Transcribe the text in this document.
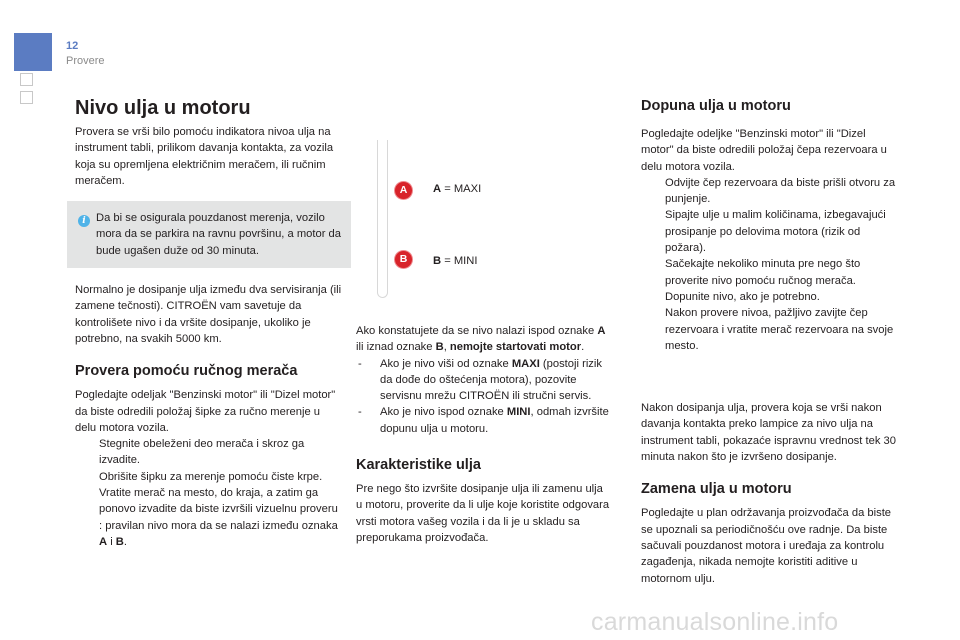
12
Provere
Nivo ulja u motoru

Provera se vrši bilo pomoću indikatora nivoa ulja na instrument tabli, prilikom davanja kontakta, za vozila koja su opremljena električnim meračem, ili ručnim meračem.

i Da bi se osigurala pouzdanost merenja, vozilo mora da se parkira na ravnu površinu, a motor da bude ugašen duže od 30 minuta.

Normalno je dosipanje ulja između dva servisiranja (ili zamene tečnosti). CITROËN vam savetuje da kontrolišete nivo i da vršite dosipanje, ukoliko je potrebno, na svakih 5000 km.

Provera pomoću ručnog merača

Pogledajte odeljak "Benzinski motor" ili "Dizel motor" da biste odredili položaj šipke za ručno merenje u delu motora vozila.

Stegnite obeleženi deo merača i skroz ga izvadite.
Obrišite šipku za merenje pomoću čiste krpe.
Vratite merač na mesto, do kraja, a zatim ga ponovo izvadite da biste izvršili vizuelnu proveru : pravilan nivo mora da se nalazi između oznaka A i B.
A
B
A = MAXI
B = MINI

Ako konstatujete da se nivo nalazi ispod oznake A ili iznad oznake B, nemojte startovati motor.

- Ako je nivo viši od oznake MAXI (postoji rizik da dođe do oštećenja motora), pozovite servisnu mrežu CITROËN ili stručni servis.
- Ako je nivo ispod oznake MINI, odmah izvršite dopunu ulja u motoru.
Karakteristike ulja

Pre nego što izvršite dosipanje ulja ili zamenu ulja u motoru, proverite da li ulje koje koristite odgovara vrsti motora vašeg vozila i da li je u skladu sa preporukama proizvođača.

Dopuna ulja u motoru

Pogledajte odeljke "Benzinski motor" ili "Dizel motor" da biste odredili položaj čepa rezervoara u delu motora vozila.

Odvijte čep rezervoara da biste prišli otvoru za punjenje.
Sipajte ulje u malim količinama, izbegavajući prosipanje po delovima motora (rizik od požara).
Sačekajte nekoliko minuta pre nego što proverite nivo pomoću ručnog merača.
Dopunite nivo, ako je potrebno.
Nakon provere nivoa, pažljivo zavijte čep rezervoara i vratite merač rezervoara na svoje mesto.

Nakon dosipanja ulja, provera koja se vrši nakon davanja kontakta preko lampice za nivo ulja na instrument tabli, pokazaće ispravnu vrednost tek 30 minuta nakon što je izvršeno dosipanje.

Zamena ulja u motoru

Pogledajte u plan održavanja proizvođača da biste se upoznali sa periodičnošću ove radnje. Da biste sačuvali pouzdanost motora i uređaja za kontrolu zagađenja, nikada nemojte koristiti aditive u motornom ulju.

carmanualsonline.info
